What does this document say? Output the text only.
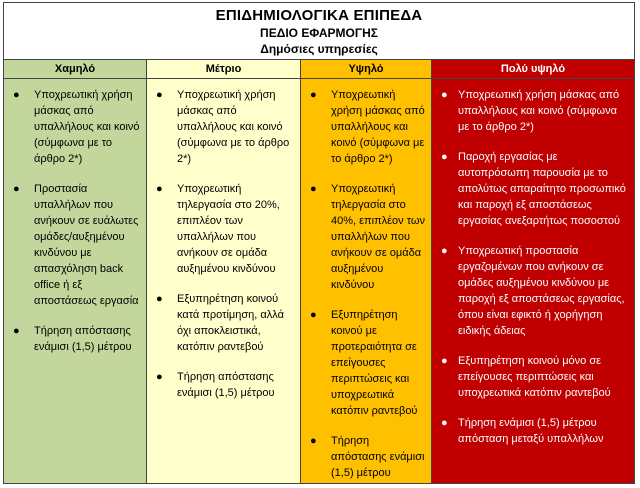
ΕΠΙΔΗΜΙΟΛΟΓΙΚΑ ΕΠΙΠΕΔΑ
ΠΕΔΙΟ ΕΦΑΡΜΟΓΗΣ
Δημόσιες υπηρεσίες
Χαμηλό
● Υποχρεωτική χρήση μάσκας από υπαλλήλους και κοινό (σύμφωνα με το άρθρο 2*)
● Προστασία υπαλλήλων που ανήκουν σε ευάλωτες ομάδες/αυξημένου κινδύνου με απασχόληση back office ή εξ αποστάσεως εργασία
● Τήρηση απόστασης ενάμισι (1,5) μέτρου
Μέτριο
● Υποχρεωτική χρήση μάσκας από υπαλλήλους και κοινό (σύμφωνα με το άρθρο 2*)
● Υποχρεωτική τηλεργασία στο 20%, επιπλέον των υπαλλήλων που ανήκουν σε ομάδα αυξημένου κινδύνου
● Εξυπηρέτηση κοινού κατά προτίμηση, αλλά όχι αποκλειστικά, κατόπιν ραντεβού
● Τήρηση απόστασης ενάμισι (1,5) μέτρου
Υψηλό
● Υποχρεωτική χρήση μάσκας από υπαλλήλους και κοινό (σύμφωνα με το άρθρο 2*)
● Υποχρεωτική τηλεργασία στο 40%, επιπλέον των υπαλλήλων που ανήκουν σε ομάδα αυξημένου κινδύνου
● Εξυπηρέτηση κοινού με προτεραιότητα σε επείγουσες περιπτώσεις και υποχρεωτικά κατόπιν ραντεβού
● Τήρηση απόστασης ενάμισι (1,5) μέτρου
Πολύ υψηλό
● Υποχρεωτική χρήση μάσκας από υπαλλήλους και κοινό (σύμφωνα με το άρθρο 2*)
● Παροχή εργασίας με αυτοπρόσωπη παρουσία με το απολύτως απαραίτητο προσωπικό και παροχή εξ αποστάσεως εργασίας ανεξαρτήτως ποσοστού
● Υποχρεωτική προστασία εργαζομένων που ανήκουν σε ομάδες αυξημένου κινδύνου με παροχή εξ αποστάσεως εργασίας, όπου είναι εφικτό ή χορήγηση ειδικής άδειας
● Εξυπηρέτηση κοινού μόνο σε επείγουσες περιπτώσεις και υποχρεωτικά κατόπιν ραντεβού
● Τήρηση ενάμισι (1,5) μέτρου απόσταση μεταξύ υπαλλήλων
